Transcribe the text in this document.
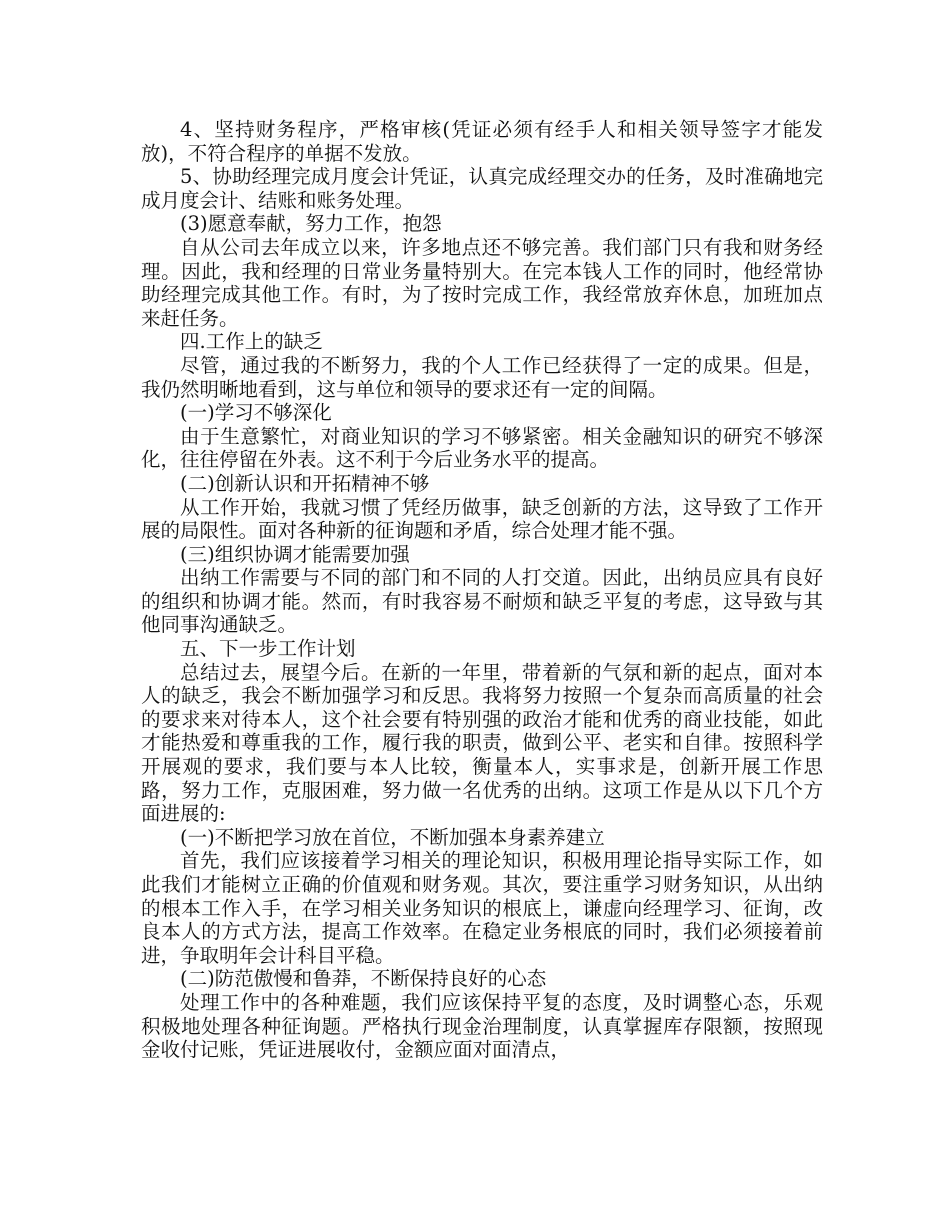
4、坚持财务程序，严格审核(凭证必须有经手人和相关领导签字才能发放)，不符合程序的单据不发放。

5、协助经理完成月度会计凭证，认真完成经理交办的任务，及时准确地完成月度会计、结账和账务处理。

(3)愿意奉献，努力工作，抱怨

自从公司去年成立以来，许多地点还不够完善。我们部门只有我和财务经理。因此，我和经理的日常业务量特别大。在完本钱人工作的同时，他经常协助经理完成其他工作。有时，为了按时完成工作，我经常放弃休息，加班加点来赶任务。

四.工作上的缺乏

尽管，通过我的不断努力，我的个人工作已经获得了一定的成果。但是，我仍然明晰地看到，这与单位和领导的要求还有一定的间隔。

(一)学习不够深化

由于生意繁忙，对商业知识的学习不够紧密。相关金融知识的研究不够深化，往往停留在外表。这不利于今后业务水平的提高。

(二)创新认识和开拓精神不够

从工作开始，我就习惯了凭经历做事，缺乏创新的方法，这导致了工作开展的局限性。面对各种新的征询题和矛盾，综合处理才能不强。

(三)组织协调才能需要加强

出纳工作需要与不同的部门和不同的人打交道。因此，出纳员应具有良好的组织和协调才能。然而，有时我容易不耐烦和缺乏平复的考虑，这导致与其他同事沟通缺乏。

五、下一步工作计划

总结过去，展望今后。在新的一年里，带着新的气氛和新的起点，面对本人的缺乏，我会不断加强学习和反思。我将努力按照一个复杂而高质量的社会的要求来对待本人，这个社会要有特别强的政治才能和优秀的商业技能，如此才能热爱和尊重我的工作，履行我的职责，做到公平、老实和自律。按照科学开展观的要求，我们要与本人比较，衡量本人，实事求是，创新开展工作思路，努力工作，克服困难，努力做一名优秀的出纳。这项工作是从以下几个方面进展的:

(一)不断把学习放在首位，不断加强本身素养建立

首先，我们应该接着学习相关的理论知识，积极用理论指导实际工作，如此我们才能树立正确的价值观和财务观。其次，要注重学习财务知识，从出纳的根本工作入手，在学习相关业务知识的根底上，谦虚向经理学习、征询，改良本人的方式方法，提高工作效率。在稳定业务根底的同时，我们必须接着前进，争取明年会计科目平稳。

(二)防范傲慢和鲁莽，不断保持良好的心态

处理工作中的各种难题，我们应该保持平复的态度，及时调整心态，乐观积极地处理各种征询题。严格执行现金治理制度，认真掌握库存限额，按照现金收付记账，凭证进展收付，金额应面对面清点，
